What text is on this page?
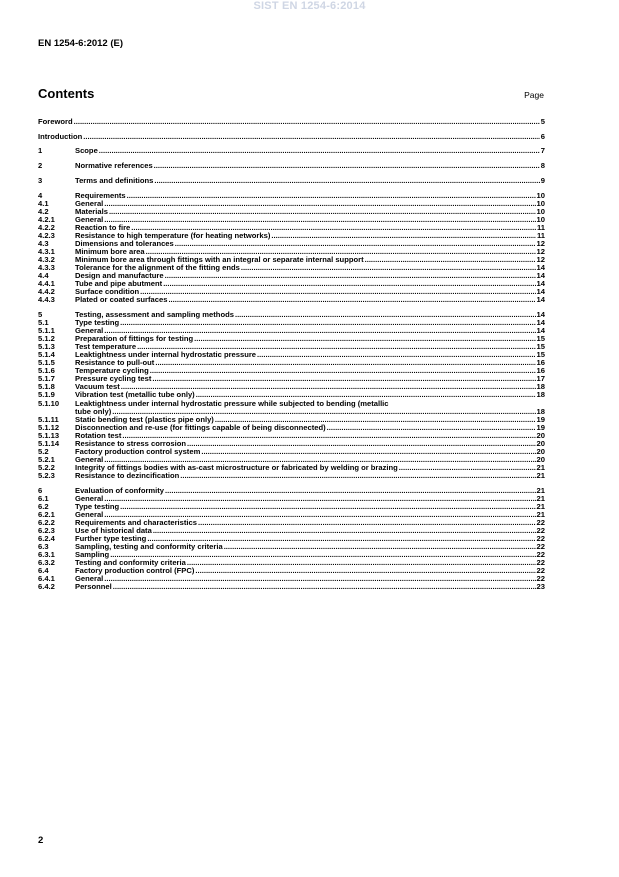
SIST EN 1254-6:2014
EN 1254-6:2012 (E)
Contents	Page
Foreword .....	5
Introduction .....	6
1	Scope .....	7
2	Normative references .....	8
3	Terms and definitions .....	9
4	Requirements .....	10
4.1	General .....	10
4.2	Materials .....	10
4.2.1	General .....	10
4.2.2	Reaction to fire .....	11
4.2.3	Resistance to high temperature (for heating networks) .....	11
4.3	Dimensions and tolerances .....	12
4.3.1	Minimum bore area .....	12
4.3.2	Minimum bore area through fittings with an integral or separate internal support .....	12
4.3.3	Tolerance for the alignment of the fitting ends .....	14
4.4	Design and manufacture .....	14
4.4.1	Tube and pipe abutment .....	14
4.4.2	Surface condition .....	14
4.4.3	Plated or coated surfaces .....	14
5	Testing, assessment and sampling methods .....	14
5.1	Type testing .....	14
5.1.1	General .....	14
5.1.2	Preparation of fittings for testing .....	15
5.1.3	Test temperature .....	15
5.1.4	Leaktightness under internal hydrostatic pressure .....	15
5.1.5	Resistance to pull-out .....	16
5.1.6	Temperature cycling .....	16
5.1.7	Pressure cycling test .....	17
5.1.8	Vacuum test .....	18
5.1.9	Vibration test (metallic tube only) .....	18
5.1.10	Leaktightness under internal hydrostatic pressure while subjected to bending (metallic
tube only) .....	18
5.1.11	Static bending test (plastics pipe only) .....	19
5.1.12	Disconnection and re-use (for fittings capable of being disconnected) .....	19
5.1.13	Rotation test .....	20
5.1.14	Resistance to stress corrosion .....	20
5.2	Factory production control system .....	20
5.2.1	General .....	20
5.2.2	Integrity of fittings bodies with as-cast microstructure or fabricated by welding or brazing .....	21
5.2.3	Resistance to dezincification .....	21
6	Evaluation of conformity .....	21
6.1	General .....	21
6.2	Type testing .....	21
6.2.1	General .....	21
6.2.2	Requirements and characteristics .....	22
6.2.3	Use of historical data .....	22
6.2.4	Further type testing .....	22
6.3	Sampling, testing and conformity criteria .....	22
6.3.1	Sampling .....	22
6.3.2	Testing and conformity criteria .....	22
6.4	Factory production control (FPC) .....	22
6.4.1	General .....	22
6.4.2	Personnel .....	23
2
